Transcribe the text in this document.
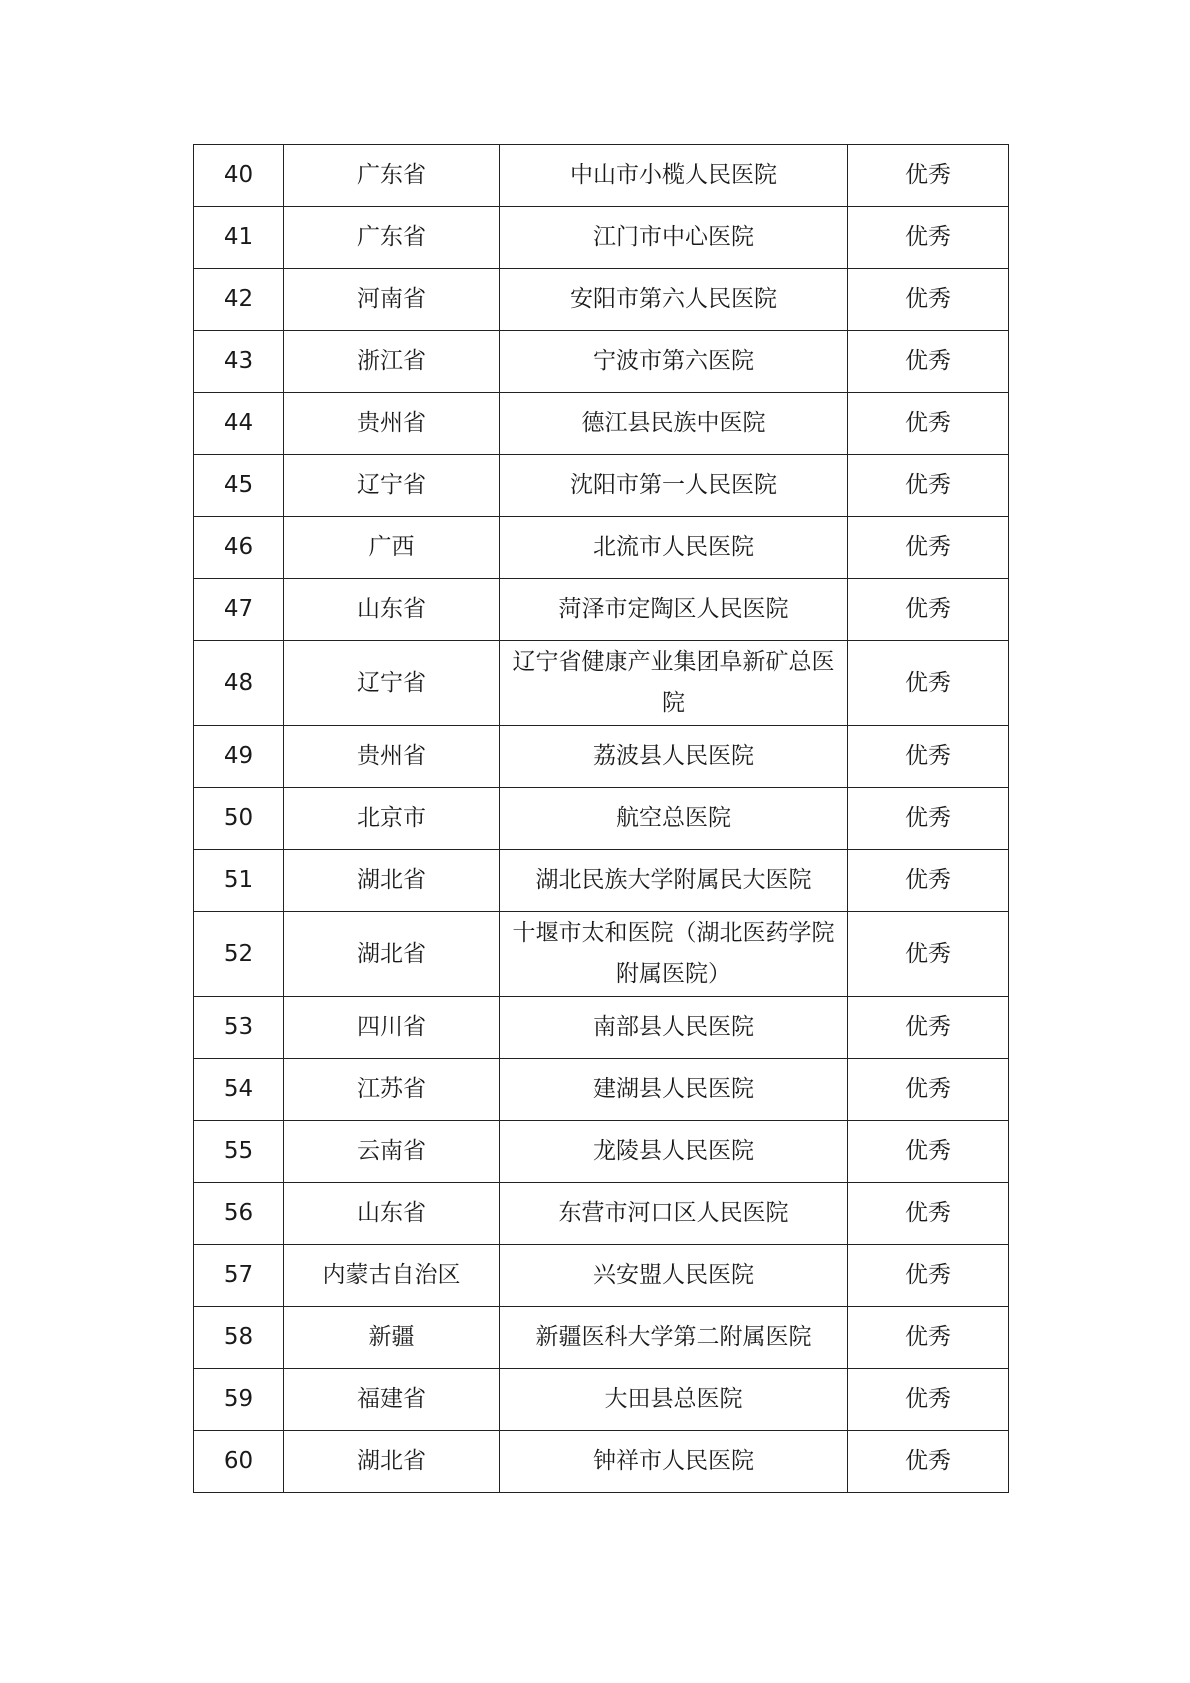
40	广东省	中山市小榄人民医院	优秀
41	广东省	江门市中心医院	优秀
42	河南省	安阳市第六人民医院	优秀
43	浙江省	宁波市第六医院	优秀
44	贵州省	德江县民族中医院	优秀
45	辽宁省	沈阳市第一人民医院	优秀
46	广西	北流市人民医院	优秀
47	山东省	菏泽市定陶区人民医院	优秀
48	辽宁省	辽宁省健康产业集团阜新矿总医院	优秀
49	贵州省	荔波县人民医院	优秀
50	北京市	航空总医院	优秀
51	湖北省	湖北民族大学附属民大医院	优秀
52	湖北省	十堰市太和医院（湖北医药学院附属医院）	优秀
53	四川省	南部县人民医院	优秀
54	江苏省	建湖县人民医院	优秀
55	云南省	龙陵县人民医院	优秀
56	山东省	东营市河口区人民医院	优秀
57	内蒙古自治区	兴安盟人民医院	优秀
58	新疆	新疆医科大学第二附属医院	优秀
59	福建省	大田县总医院	优秀
60	湖北省	钟祥市人民医院	优秀
